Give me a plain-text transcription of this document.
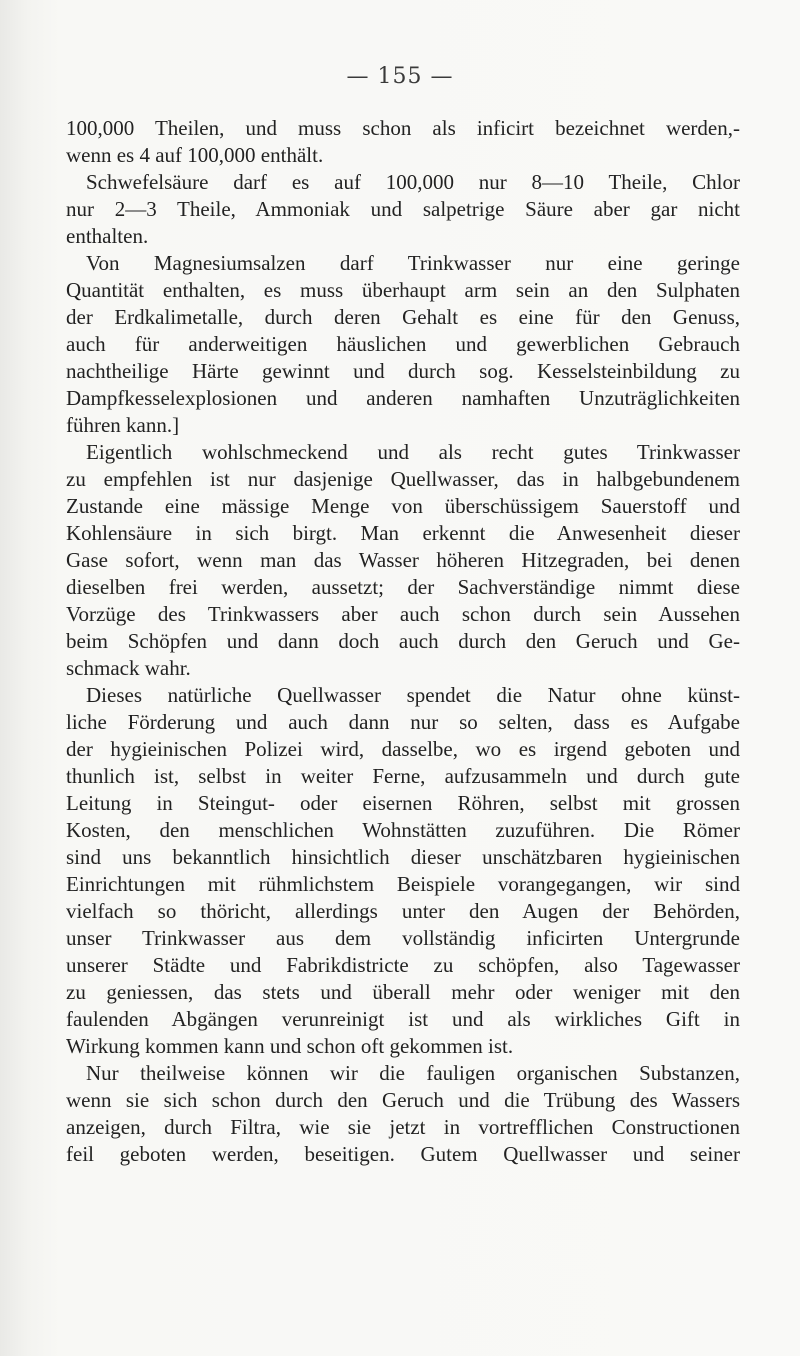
— 155 —
100,000 Theilen, und muss schon als inficirt bezeichnet werden,-
wenn es 4 auf 100,000 enthält.
Schwefelsäure darf es auf 100,000 nur 8—10 Theile, Chlor
nur 2—3 Theile, Ammoniak und salpetrige Säure aber gar nicht
enthalten.
Von Magnesiumsalzen darf Trinkwasser nur eine geringe
Quantität enthalten, es muss überhaupt arm sein an den Sulphaten
der Erdkalimetalle, durch deren Gehalt es eine für den Genuss,
auch für anderweitigen häuslichen und gewerblichen Gebrauch
nachtheilige Härte gewinnt und durch sog. Kesselsteinbildung zu
Dampfkesselexplosionen und anderen namhaften Unzuträglichkeiten
führen kann.]
Eigentlich wohlschmeckend und als recht gutes Trinkwasser
zu empfehlen ist nur dasjenige Quellwasser, das in halbgebundenem
Zustande eine mässige Menge von überschüssigem Sauerstoff und
Kohlensäure in sich birgt. Man erkennt die Anwesenheit dieser
Gase sofort, wenn man das Wasser höheren Hitzegraden, bei denen
dieselben frei werden, aussetzt; der Sachverständige nimmt diese
Vorzüge des Trinkwassers aber auch schon durch sein Aussehen
beim Schöpfen und dann doch auch durch den Geruch und Ge-
schmack wahr.
Dieses natürliche Quellwasser spendet die Natur ohne künst-
liche Förderung und auch dann nur so selten, dass es Aufgabe
der hygieinischen Polizei wird, dasselbe, wo es irgend geboten und
thunlich ist, selbst in weiter Ferne, aufzusammeln und durch gute
Leitung in Steingut- oder eisernen Röhren, selbst mit grossen
Kosten, den menschlichen Wohnstätten zuzuführen. Die Römer
sind uns bekanntlich hinsichtlich dieser unschätzbaren hygieinischen
Einrichtungen mit rühmlichstem Beispiele vorangegangen, wir sind
vielfach so thöricht, allerdings unter den Augen der Behörden,
unser Trinkwasser aus dem vollständig inficirten Untergrunde
unserer Städte und Fabrikdistricte zu schöpfen, also Tagewasser
zu geniessen, das stets und überall mehr oder weniger mit den
faulenden Abgängen verunreinigt ist und als wirkliches Gift in
Wirkung kommen kann und schon oft gekommen ist.
Nur theilweise können wir die fauligen organischen Substanzen,
wenn sie sich schon durch den Geruch und die Trübung des Wassers
anzeigen, durch Filtra, wie sie jetzt in vortrefflichen Constructionen
feil geboten werden, beseitigen. Gutem Quellwasser und seiner
